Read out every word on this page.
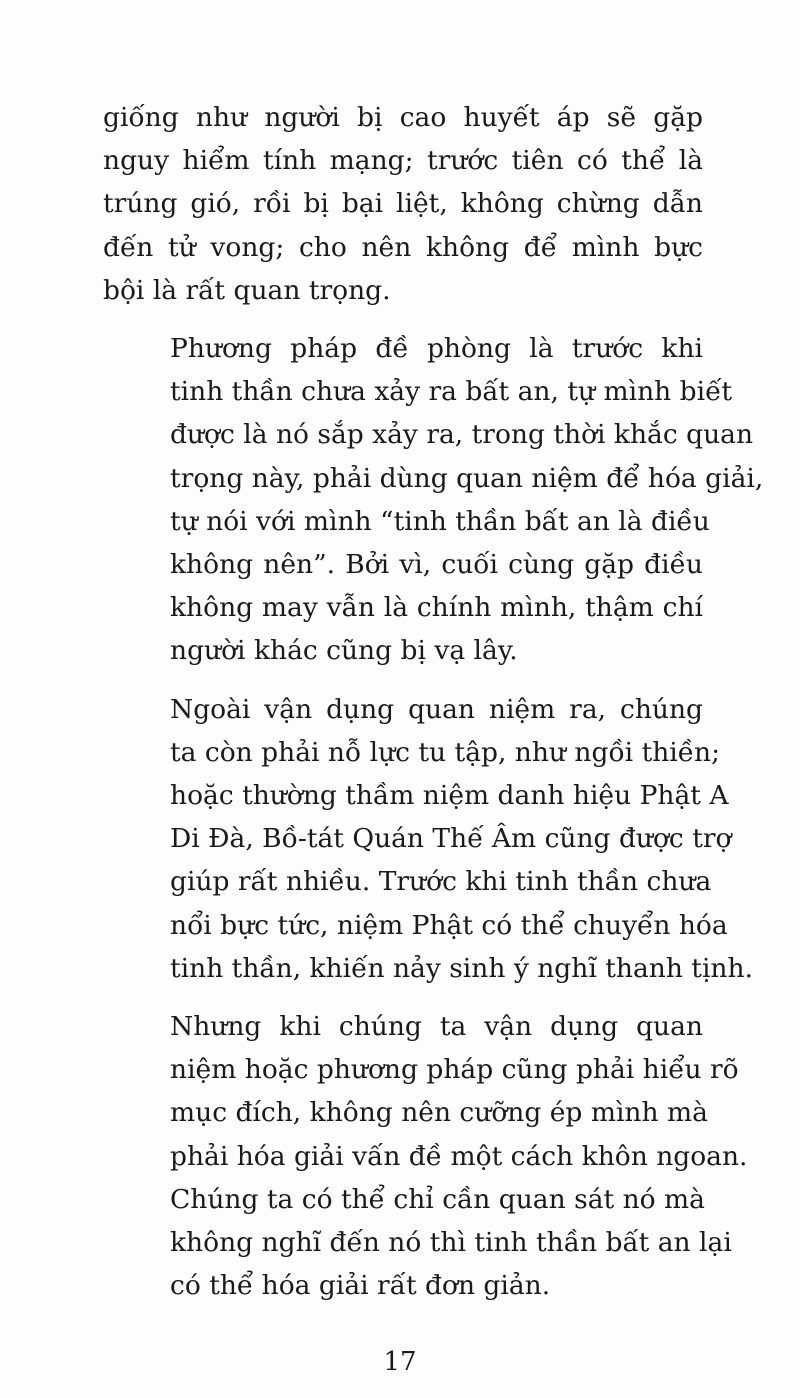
giống như người bị cao huyết áp sẽ gặp
nguy hiểm tính mạng; trước tiên có thể là
trúng gió, rồi bị bại liệt, không chừng dẫn
đến tử vong; cho nên không để mình bực
bội là rất quan trọng.

Phương pháp đề phòng là trước khi
tinh thần chưa xảy ra bất an, tự mình biết
được là nó sắp xảy ra, trong thời khắc quan
trọng này, phải dùng quan niệm để hóa giải,
tự nói với mình “tinh thần bất an là điều
không nên”. Bởi vì, cuối cùng gặp điều
không may vẫn là chính mình, thậm chí
người khác cũng bị vạ lây.

Ngoài vận dụng quan niệm ra, chúng
ta còn phải nỗ lực tu tập, như ngồi thiền;
hoặc thường thầm niệm danh hiệu Phật A
Di Đà, Bồ-tát Quán Thế Âm cũng được trợ
giúp rất nhiều. Trước khi tinh thần chưa
nổi bực tức, niệm Phật có thể chuyển hóa
tinh thần, khiến nảy sinh ý nghĩ thanh tịnh.

Nhưng khi chúng ta vận dụng quan
niệm hoặc phương pháp cũng phải hiểu rõ
mục đích, không nên cưỡng ép mình mà
phải hóa giải vấn đề một cách khôn ngoan.
Chúng ta có thể chỉ cần quan sát nó mà
không nghĩ đến nó thì tinh thần bất an lại
có thể hóa giải rất đơn giản.

17
